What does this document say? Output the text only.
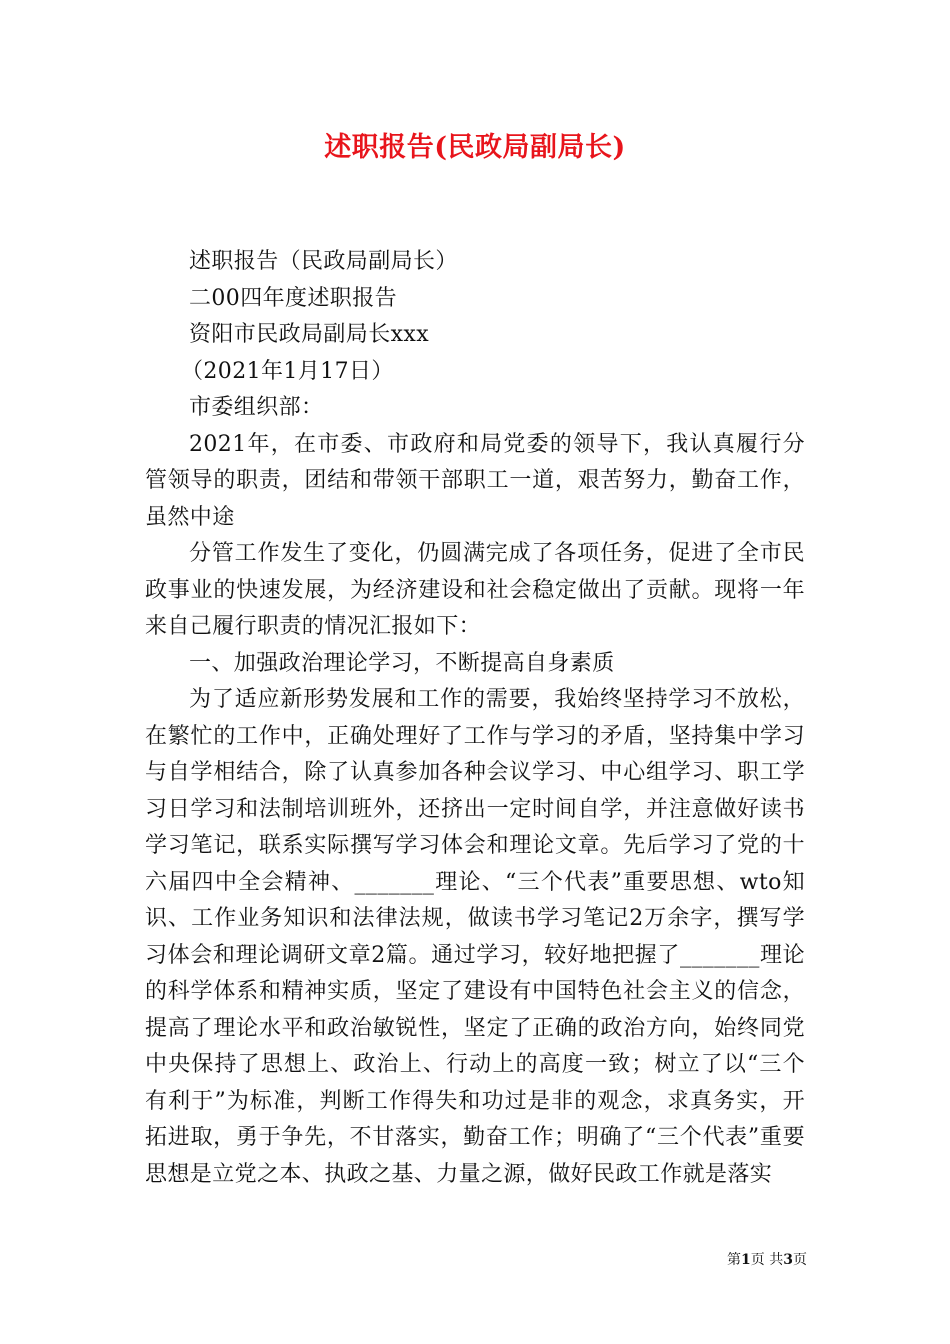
述职报告(民政局副局长)

述职报告（民政局副局长）

二00四年度述职报告

资阳市民政局副局长xxx

（2021年1月17日）

市委组织部：

2021年，在市委、市政府和局党委的领导下，我认真履行分管领导的职责，团结和带领干部职工一道，艰苦努力，勤奋工作，虽然中途

分管工作发生了变化，仍圆满完成了各项任务，促进了全市民政事业的快速发展，为经济建设和社会稳定做出了贡献。现将一年来自己履行职责的情况汇报如下：

一、加强政治理论学习，不断提高自身素质

为了适应新形势发展和工作的需要，我始终坚持学习不放松，在繁忙的工作中，正确处理好了工作与学习的矛盾，坚持集中学习与自学相结合，除了认真参加各种会议学习、中心组学习、职工学习日学习和法制培训班外，还挤出一定时间自学，并注意做好读书学习笔记，联系实际撰写学习体会和理论文章。先后学习了党的十六届四中全会精神、_______理论、“三个代表”重要思想、wto知识、工作业务知识和法律法规，做读书学习笔记2万余字，撰写学习体会和理论调研文章2篇。通过学习，较好地把握了_______理论的科学体系和精神实质，坚定了建设有中国特色社会主义的信念，提高了理论水平和政治敏锐性，坚定了正确的政治方向，始终同党中央保持了思想上、政治上、行动上的高度一致；树立了以“三个有利于”为标准，判断工作得失和功过是非的观念，求真务实，开拓进取，勇于争先，不甘落实，勤奋工作；明确了“三个代表”重要思想是立党之本、执政之基、力量之源，做好民政工作就是落实

第1页 共3页
